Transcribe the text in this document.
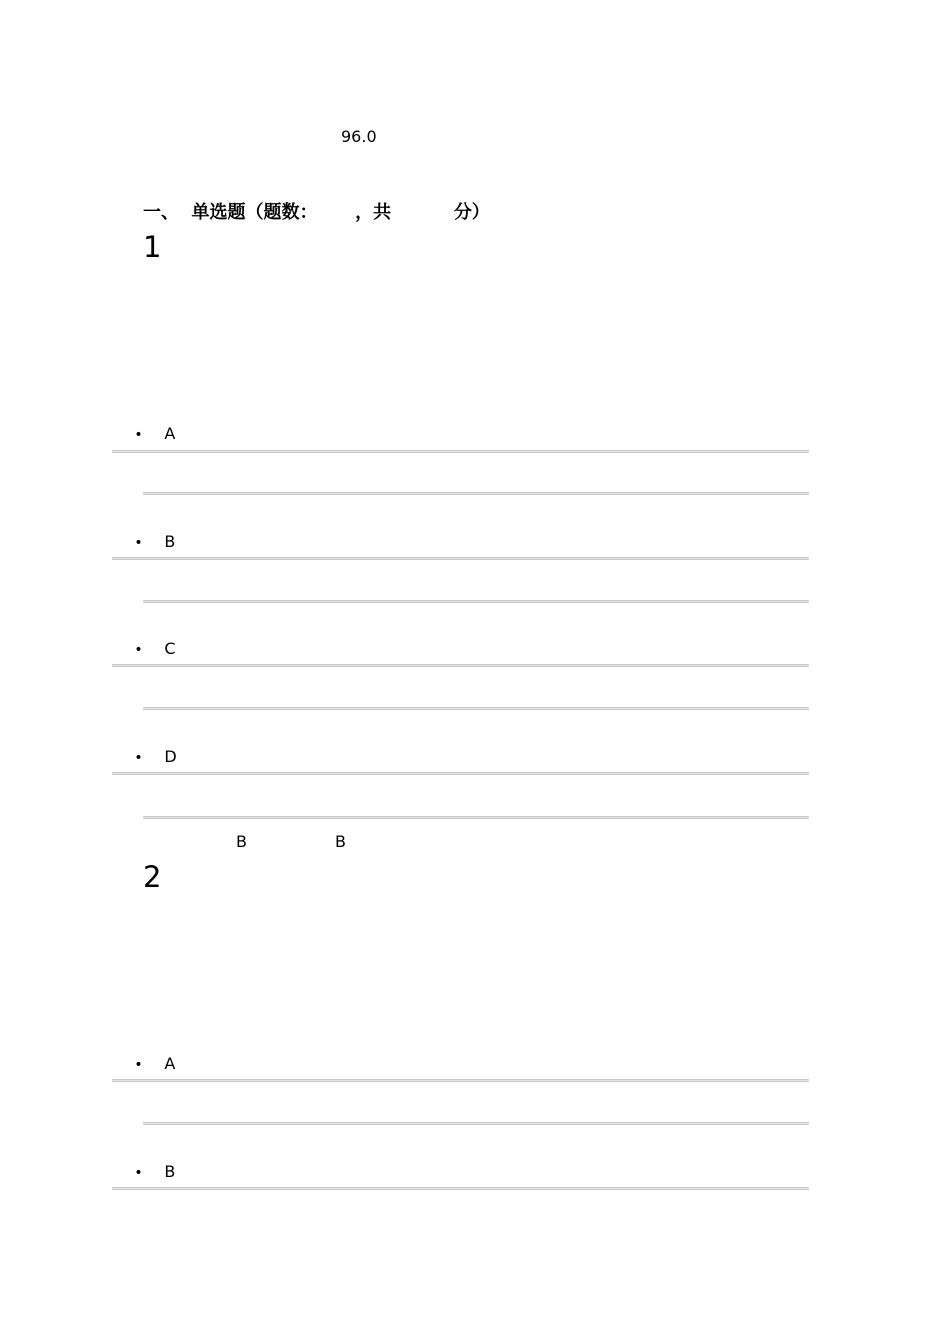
96.0
一、  单选题（题数：      ，共          分）
1

• A

• B

• C

• D

B	B
2

• A

• B
